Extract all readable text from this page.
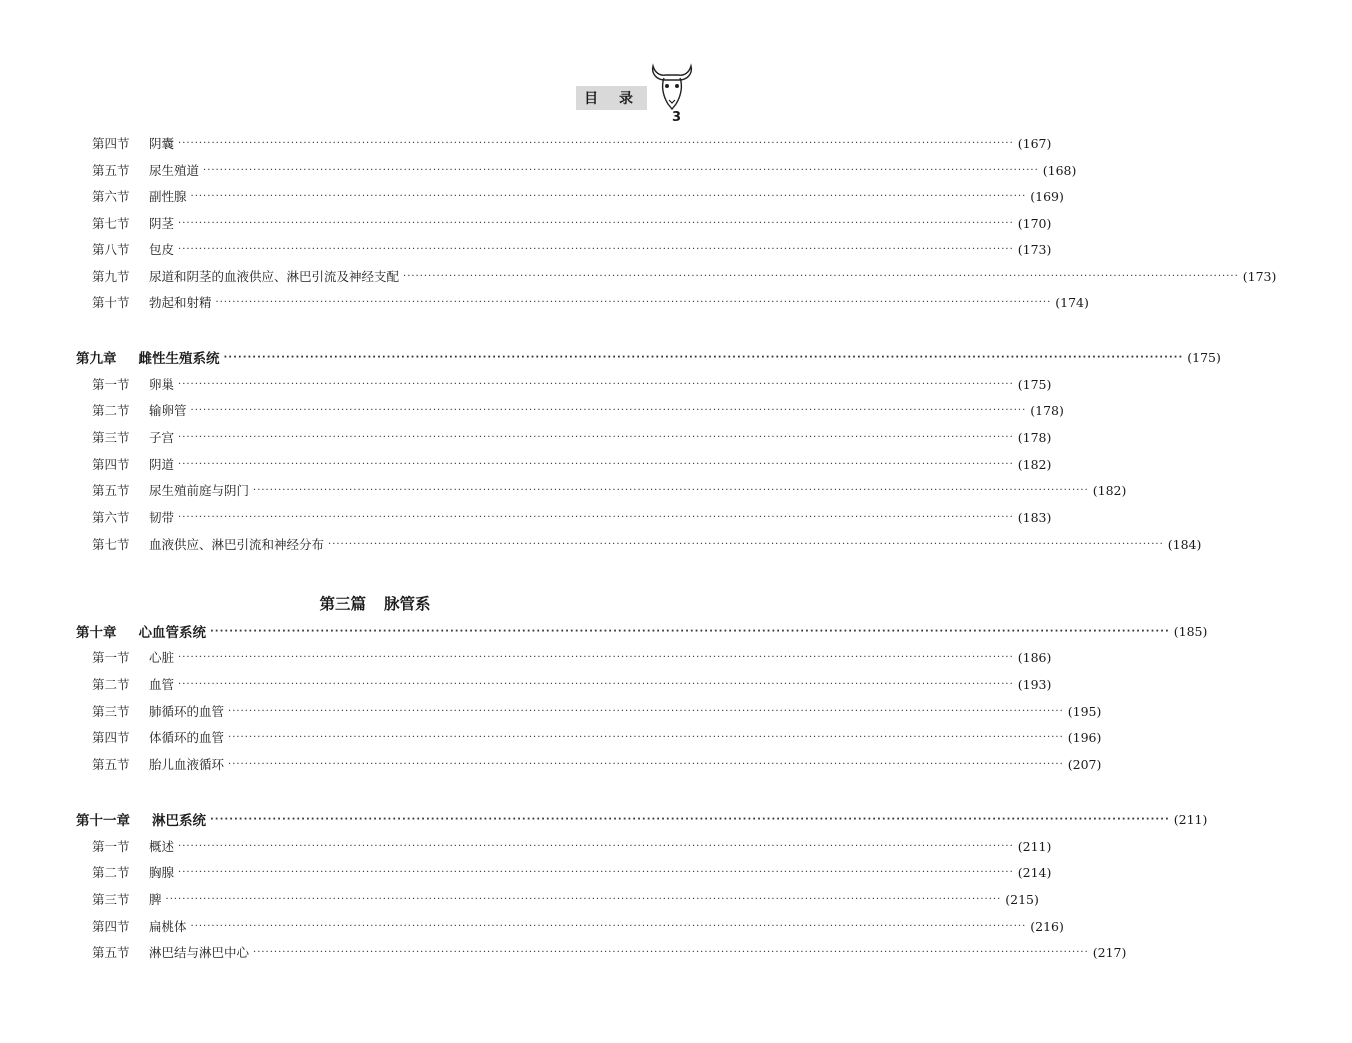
目 录
3
第四节	阴囊 ········································································································································································································ (167)
第五节	尿生殖道 ········································································································································································································ (168)
第六节	副性腺 ········································································································································································································ (169)
第七节	阴茎 ········································································································································································································ (170)
第八节	包皮 ········································································································································································································ (173)
第九节	尿道和阴茎的血液供应、淋巴引流及神经支配 ········································································································································································································ (173)
第十节	勃起和射精 ········································································································································································································ (174)
第九章 雌性生殖系统 ········································································································································································································ (175)
第一节	卵巢 ········································································································································································································ (175)
第二节	输卵管 ········································································································································································································ (178)
第三节	子宫 ········································································································································································································ (178)
第四节	阴道 ········································································································································································································ (182)
第五节	尿生殖前庭与阴门 ········································································································································································································ (182)
第六节	韧带 ········································································································································································································ (183)
第七节	血液供应、淋巴引流和神经分布 ········································································································································································································ (184)
第三篇 脉管系
第十章 心血管系统 ········································································································································································································ (185)
第一节	心脏 ········································································································································································································ (186)
第二节	血管 ········································································································································································································ (193)
第三节	肺循环的血管 ········································································································································································································ (195)
第四节	体循环的血管 ········································································································································································································ (196)
第五节	胎儿血液循环 ········································································································································································································ (207)
第十一章 淋巴系统 ········································································································································································································ (211)
第一节	概述 ········································································································································································································ (211)
第二节	胸腺 ········································································································································································································ (214)
第三节	脾 ········································································································································································································ (215)
第四节	扁桃体 ········································································································································································································ (216)
第五节	淋巴结与淋巴中心 ········································································································································································································ (217)
